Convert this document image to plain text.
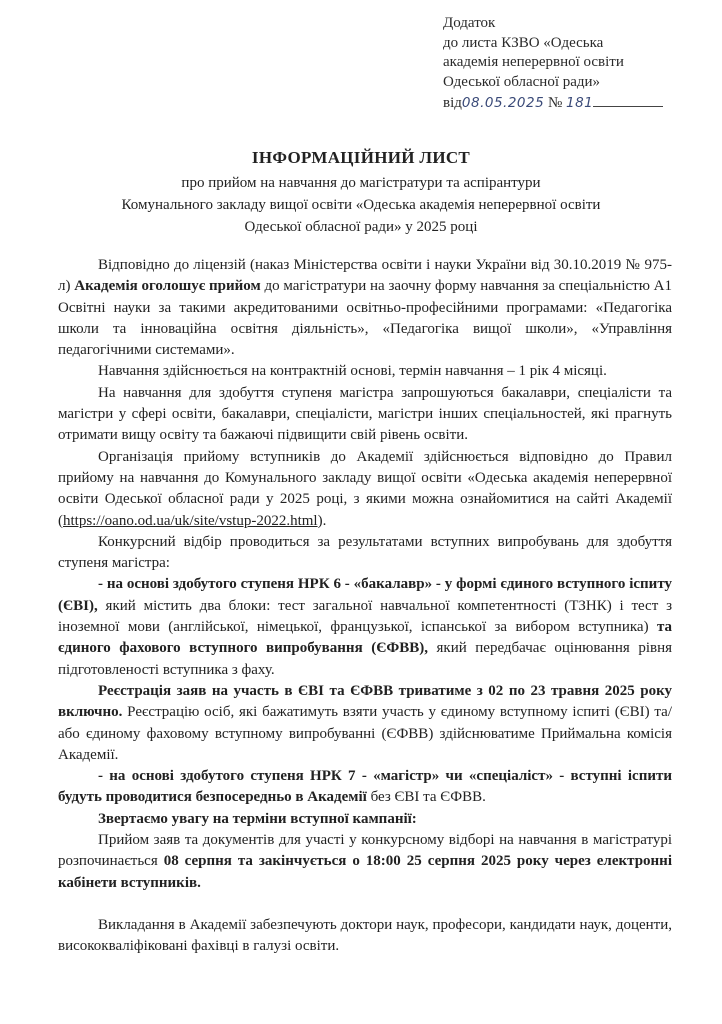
Додаток
до листа КЗВО «Одеська
академія неперервної освіти
Одеської обласної ради»
від08.05.2025 № 181
ІНФОРМАЦІЙНИЙ ЛИСТ
про прийом на навчання до магістратури та аспірантури
Комунального закладу вищої освіти «Одеська академія неперервної освіти
Одеської обласної ради» у 2025 році

Відповідно до ліцензій (наказ Міністерства освіти і науки України від 30.10.2019 № 975-л) Академія оголошує прийом до магістратури на заочну форму навчання за спеціальністю А1 Освітні науки за такими акредитованими освітньо-професійними програмами: «Педагогіка школи та інноваційна освітня діяльність», «Педагогіка вищої школи», «Управління педагогічними системами».

Навчання здійснюється на контрактній основі, термін навчання – 1 рік 4 місяці.

На навчання для здобуття ступеня магістра запрошуються бакалаври, спеціалісти та магістри у сфері освіти, бакалаври, спеціалісти, магістри інших спеціальностей, які прагнуть отримати вищу освіту та бажаючі підвищити свій рівень освіти.

Організація прийому вступників до Академії здійснюється відповідно до Правил прийому на навчання до Комунального закладу вищої освіти «Одеська академія неперервної освіти Одеської обласної ради у 2025 році, з якими можна ознайомитися на сайті Академії (https://oano.od.ua/uk/site/vstup-2022.html).

Конкурсний відбір проводиться за результатами вступних випробувань для здобуття ступеня магістра:

- на основі здобутого ступеня НРК 6 - «бакалавр» - у формі єдиного вступного іспиту (ЄВІ), який містить два блоки: тест загальної навчальної компетентності (ТЗНК) і тест з іноземної мови (англійської, німецької, французької, іспанської за вибором вступника) та єдиного фахового вступного випробування (ЄФВВ), який передбачає оцінювання рівня підготовленості вступника з фаху.

Реєстрація заяв на участь в ЄВІ та ЄФВВ триватиме з 02 по 23 травня 2025 року включно. Реєстрацію осіб, які бажатимуть взяти участь у єдиному вступному іспиті (ЄВІ) та/або єдиному фаховому вступному випробуванні (ЄФВВ) здійснюватиме Приймальна комісія Академії.

- на основі здобутого ступеня НРК 7 - «магістр» чи «спеціаліст» - вступні іспити будуть проводитися безпосередньо в Академії без ЄВІ та ЄФВВ.

Звертаємо увагу на терміни вступної кампанії:

Прийом заяв та документів для участі у конкурсному відборі на навчання в магістратурі розпочинається 08 серпня та закінчується о 18:00 25 серпня 2025 року через електронні кабінети вступників.

Викладання в Академії забезпечують доктори наук, професори, кандидати наук, доценти, висококваліфіковані фахівці в галузі освіти.
